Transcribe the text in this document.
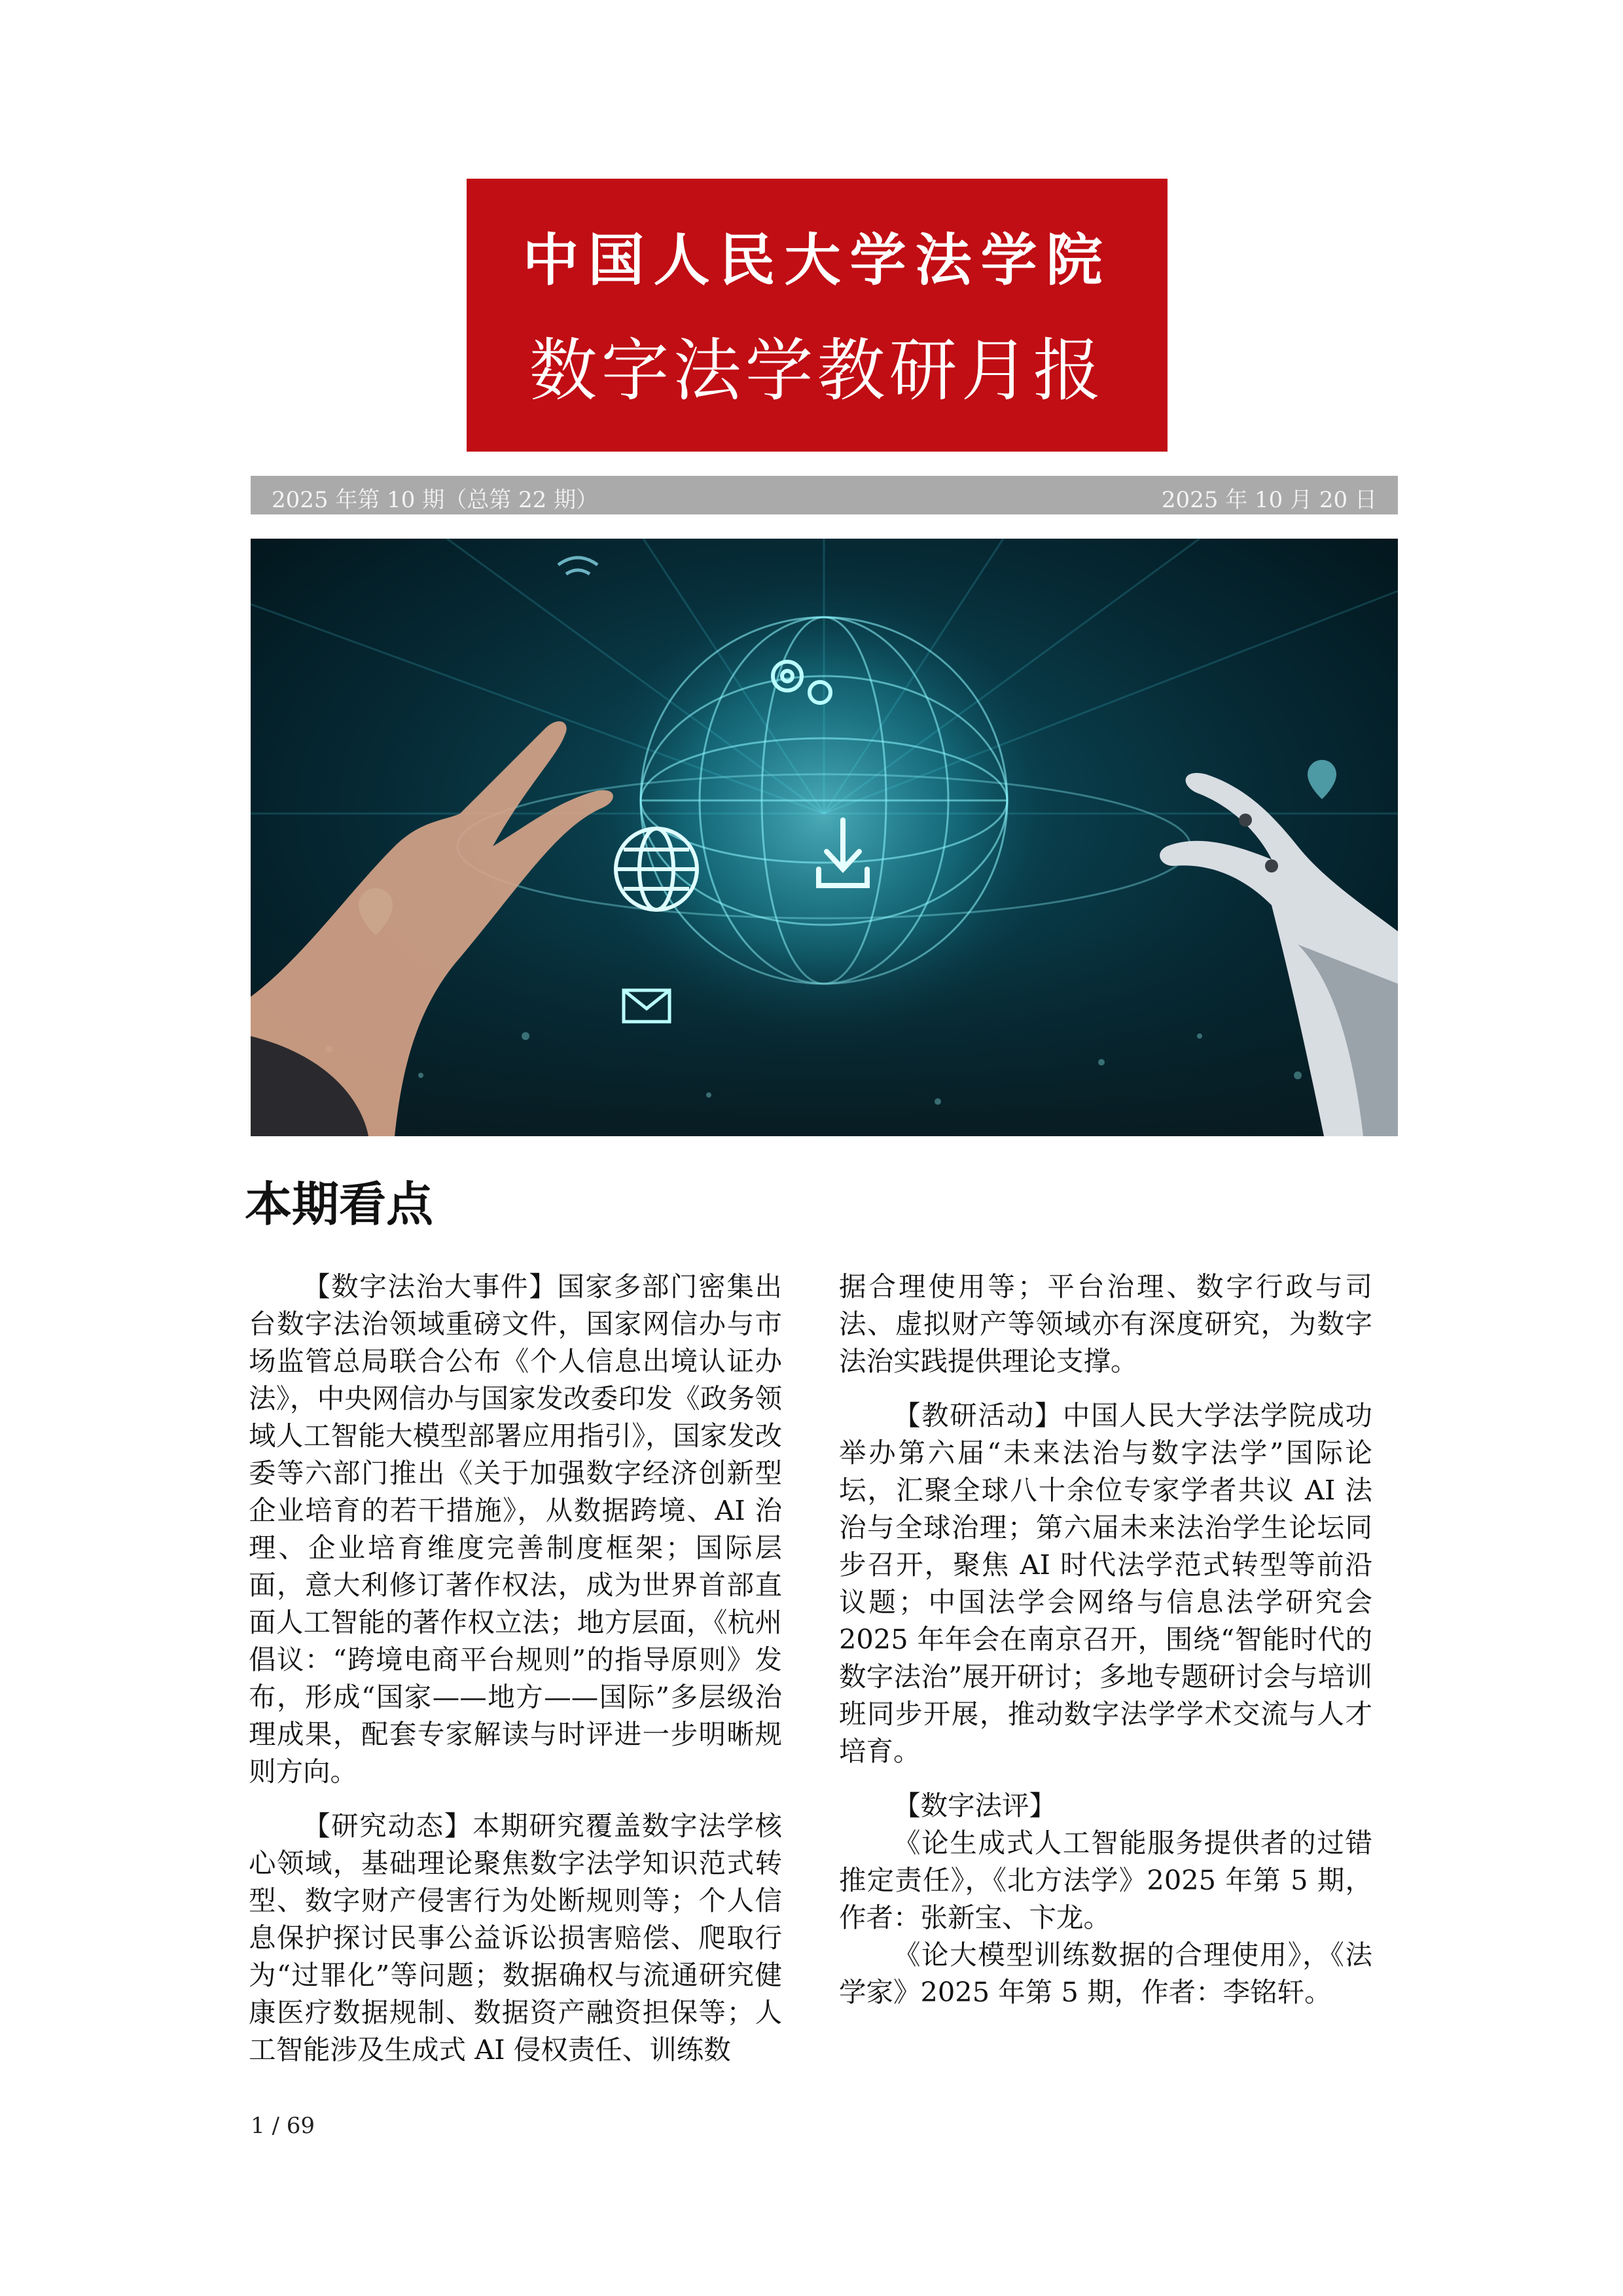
中国人民大学法学院
数字法学教研月报
2025 年第 10 期（总第 22 期）	2025 年 10 月 20 日
本期看点

【数字法治大事件】国家多部门密集出台数字法治领域重磅文件，国家网信办与市场监管总局联合公布《个人信息出境认证办法》，中央网信办与国家发改委印发《政务领域人工智能大模型部署应用指引》，国家发改委等六部门推出《关于加强数字经济创新型企业培育的若干措施》，从数据跨境、AI 治理、企业培育维度完善制度框架；国际层面，意大利修订著作权法，成为世界首部直面人工智能的著作权立法；地方层面，《杭州倡议：“跨境电商平台规则”的指导原则》发布，形成“国家——地方——国际”多层级治理成果，配套专家解读与时评进一步明晰规则方向。

【研究动态】本期研究覆盖数字法学核心领域，基础理论聚焦数字法学知识范式转型、数字财产侵害行为处断规则等；个人信息保护探讨民事公益诉讼损害赔偿、爬取行为“过罪化”等问题；数据确权与流通研究健康医疗数据规制、数据资产融资担保等；人工智能涉及生成式 AI 侵权责任、训练数

据合理使用等；平台治理、数字行政与司法、虚拟财产等领域亦有深度研究，为数字法治实践提供理论支撑。

【教研活动】中国人民大学法学院成功举办第六届“未来法治与数字法学”国际论坛，汇聚全球八十余位专家学者共议 AI 法治与全球治理；第六届未来法治学生论坛同步召开，聚焦 AI 时代法学范式转型等前沿议题；中国法学会网络与信息法学研究会 2025 年年会在南京召开，围绕“智能时代的数字法治”展开研讨；多地专题研讨会与培训班同步开展，推动数字法学学术交流与人才培育。

【数字法评】

《论生成式人工智能服务提供者的过错推定责任》，《北方法学》2025 年第 5 期，作者：张新宝、卞龙。

《论大模型训练数据的合理使用》，《法学家》2025 年第 5 期，作者：李铭轩。

1 / 69
